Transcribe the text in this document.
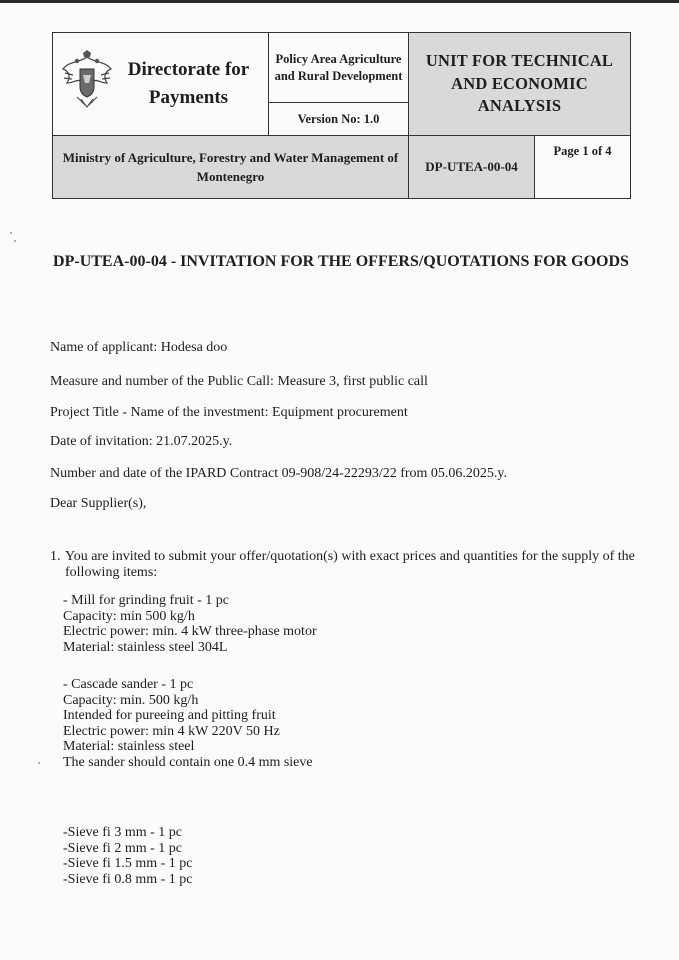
Directorate for Payments	Policy Area Agriculture and Rural Development	UNIT FOR TECHNICAL AND ECONOMIC ANALYSIS	
	Version No: 1.0		
Ministry of Agriculture, Forestry and Water Management of Montenegro		DP-UTEA-00-04	Page 1 of 4
DP-UTEA-00-04 - INVITATION FOR THE OFFERS/QUOTATIONS FOR GOODS
Name of applicant: Hodesa doo
Measure and number of the Public Call: Measure 3, first public call
Project Title - Name of the investment: Equipment procurement
Date of invitation: 21.07.2025.y.
Number and date of the IPARD Contract 09-908/24-22293/22 from 05.06.2025.y.
Dear Supplier(s),
1. You are invited to submit your offer/quotation(s) with exact prices and quantities for the supply of the following items:
- Mill for grinding fruit - 1 pc
Capacity: min 500 kg/h
Electric power: min. 4 kW three-phase motor
Material: stainless steel 304L
- Cascade sander - 1 pc
Capacity: min. 500 kg/h
Intended for pureeing and pitting fruit
Electric power: min 4 kW 220V 50 Hz
Material: stainless steel
The sander should contain one 0.4 mm sieve
-Sieve fi 3 mm - 1 pc
-Sieve fi 2 mm - 1 pc
-Sieve fi 1.5 mm - 1 pc
-Sieve fi 0.8 mm - 1 pc
